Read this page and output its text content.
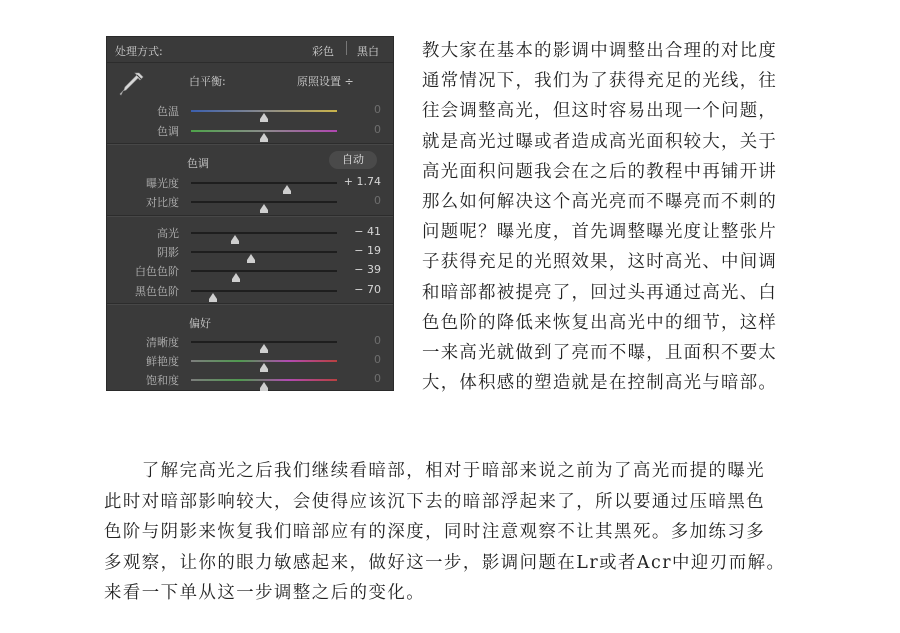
处理方式:	彩色 黑白
白平衡:	原照设置 ÷
色温	0
色调	0
色调	自动
曝光度	+ 1.74
对比度	0
高光	− 41
阴影	− 19
白色色阶	− 39
黑色色阶	− 70
偏好
清晰度	0
鲜艳度	0
饱和度	0
教大家在基本的影调中调整出合理的对比度
通常情况下，我们为了获得充足的光线，往
往会调整高光，但这时容易出现一个问题，
就是高光过曝或者造成高光面积较大，关于
高光面积问题我会在之后的教程中再铺开讲
那么如何解决这个高光亮而不曝亮而不刺的
问题呢？曝光度，首先调整曝光度让整张片
子获得充足的光照效果，这时高光、中间调
和暗部都被提亮了，回过头再通过高光、白
色色阶的降低来恢复出高光中的细节，这样
一来高光就做到了亮而不曝，且面积不要太
大，体积感的塑造就是在控制高光与暗部。
　　了解完高光之后我们继续看暗部，相对于暗部来说之前为了高光而提的曝光
此时对暗部影响较大，会使得应该沉下去的暗部浮起来了，所以要通过压暗黑色
色阶与阴影来恢复我们暗部应有的深度，同时注意观察不让其黑死。多加练习多
多观察，让你的眼力敏感起来，做好这一步，影调问题在Lr或者Acr中迎刃而解。
来看一下单从这一步调整之后的变化。
